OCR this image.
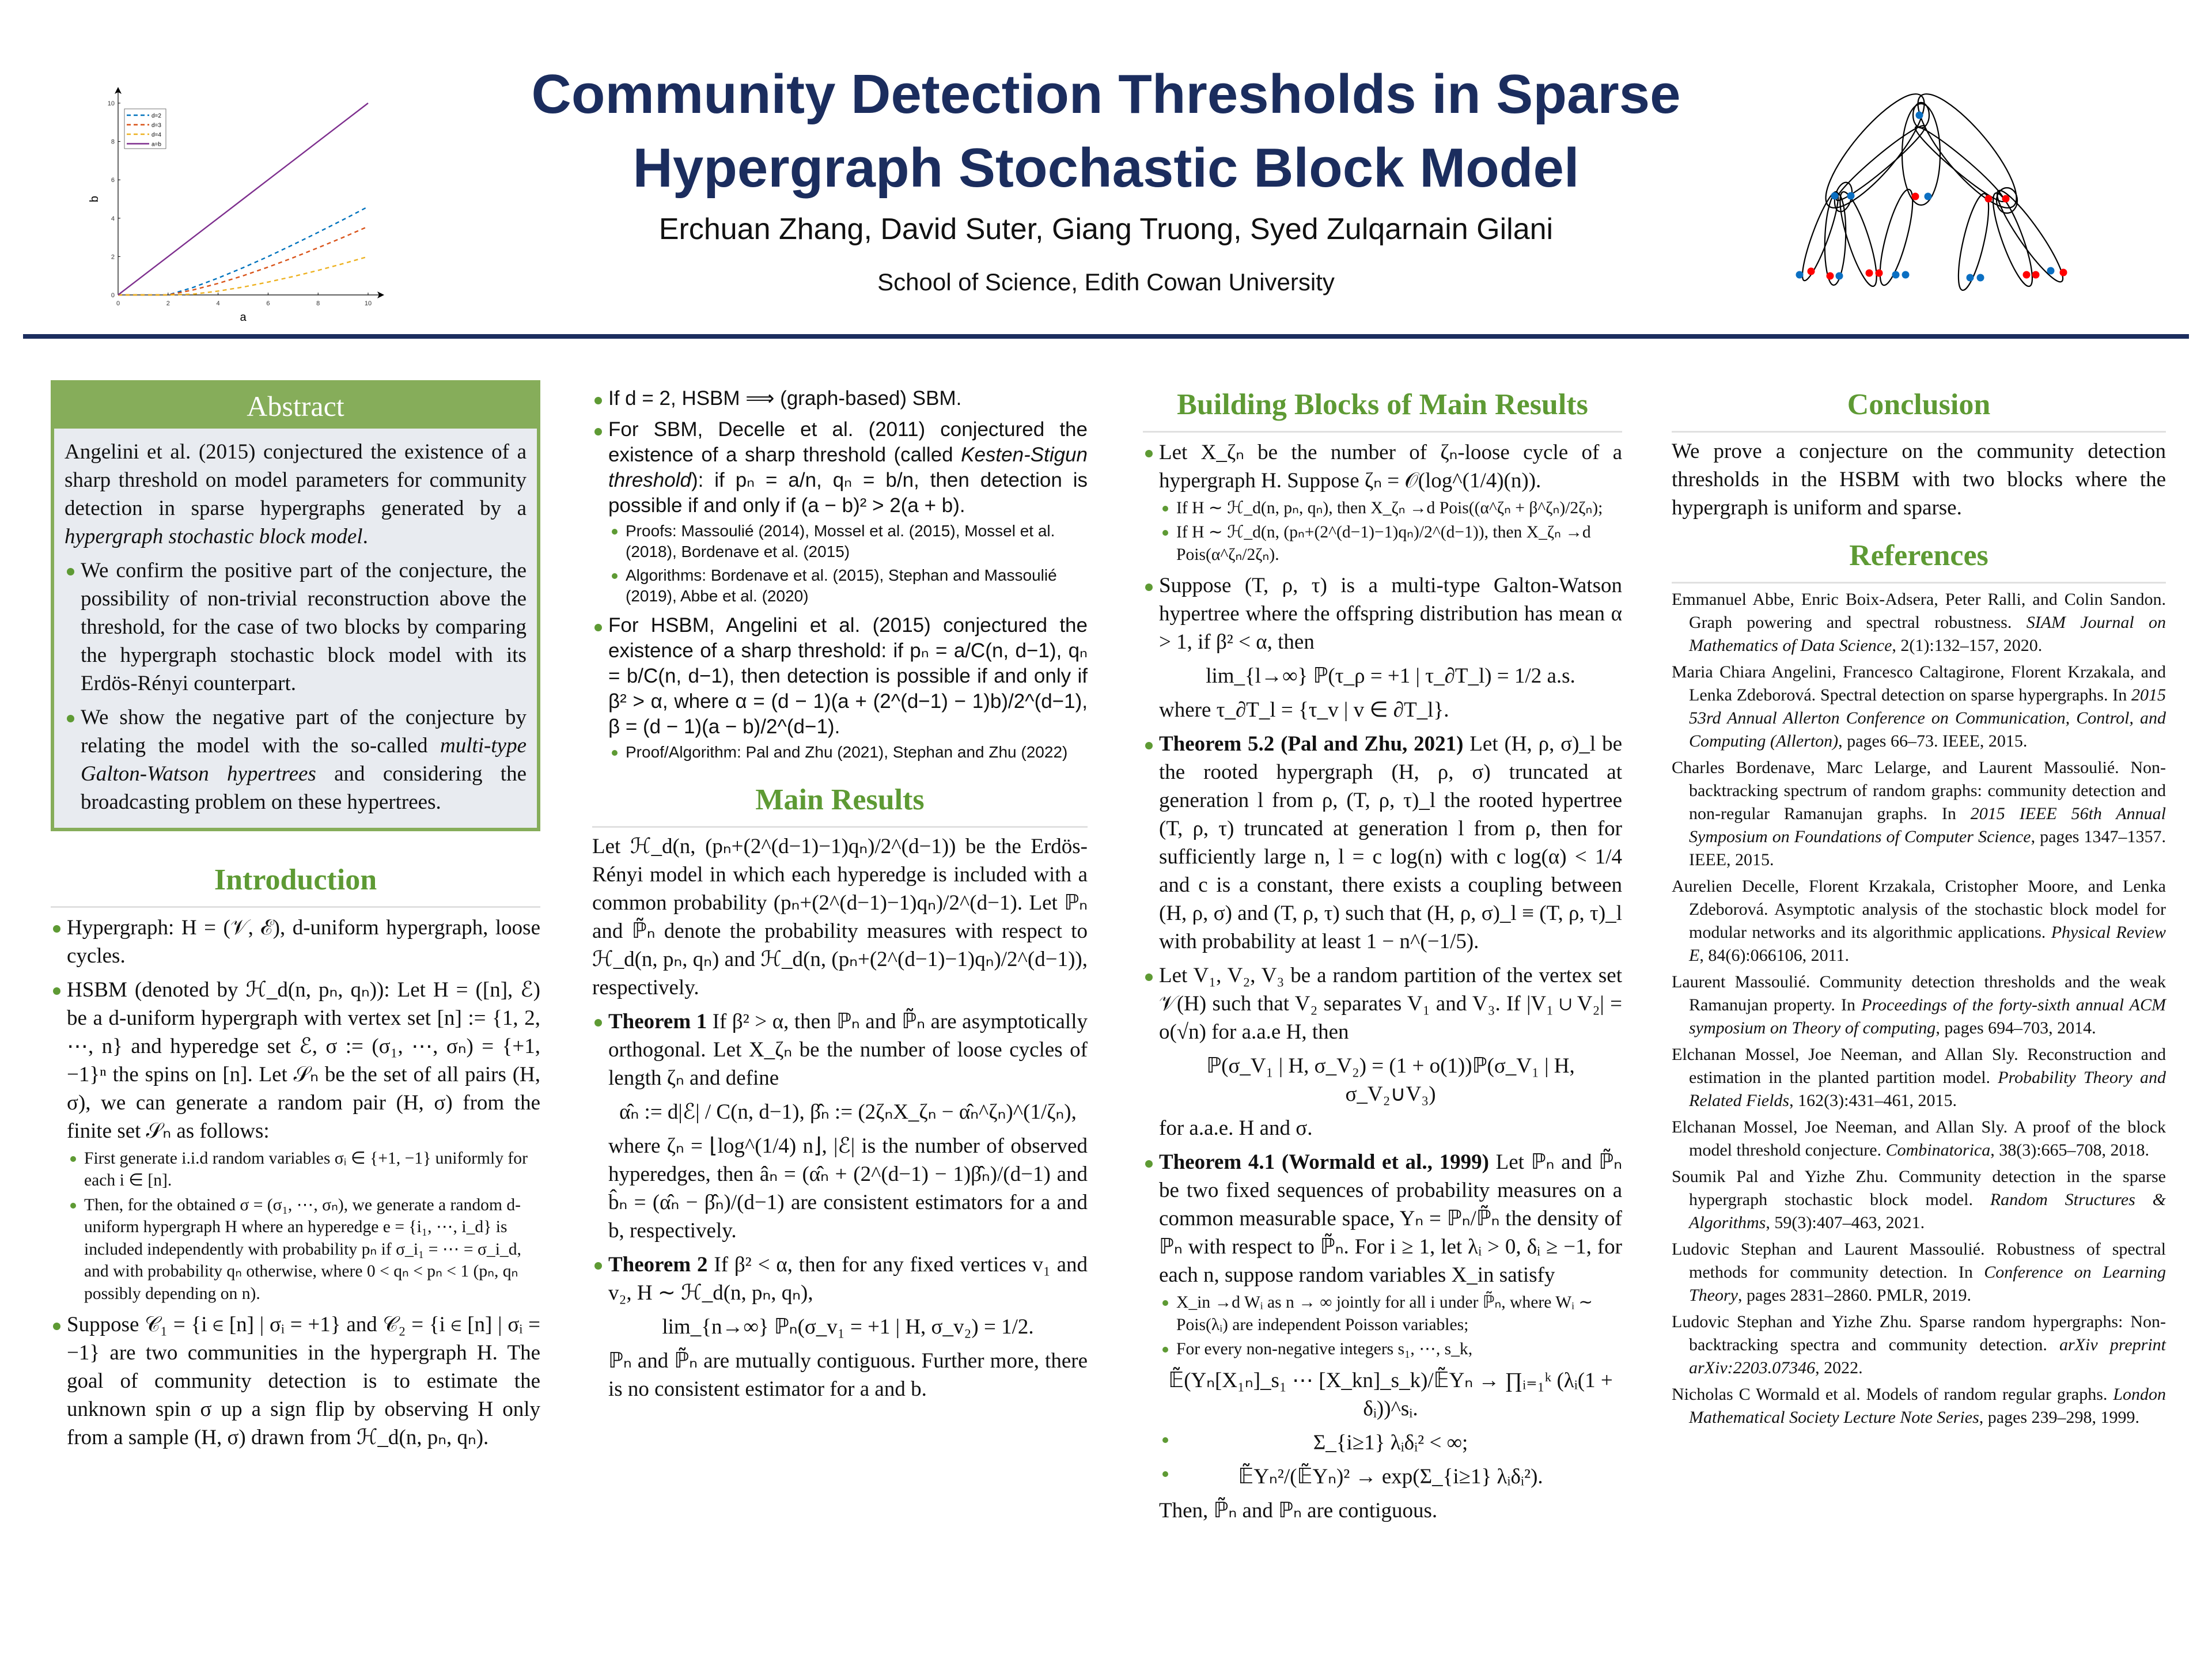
Community Detection Thresholds in Sparse
Hypergraph Stochastic Block Model
Erchuan Zhang, David Suter, Giang Truong, Syed Zulqarnain Gilani
School of Science, Edith Cowan University
0	2	4	6	8	10
0
2
4
6
8
10
a
b
d=2
d=3
d=4
a=b
Abstract
Angelini et al. (2015) conjectured the existence of a sharp threshold on model parameters for community detection in sparse hypergraphs generated by a hypergraph stochastic block model.
We confirm the positive part of the conjecture, the possibility of non-trivial reconstruction above the threshold, for the case of two blocks by comparing the hypergraph stochastic block model with its Erdös-Rényi counterpart.
We show the negative part of the conjecture by relating the model with the so-called multi-type Galton-Watson hypertrees and considering the broadcasting problem on these hypertrees.
Introduction
Hypergraph: H = (𝒱, ℰ), d-uniform hypergraph, loose cycles.
HSBM (denoted by ℋ_d(n, pₙ, qₙ)): Let H = ([n], ℰ) be a d-uniform hypergraph with vertex set [n] := {1, 2, ⋯, n} and hyperedge set ℰ, σ := (σ₁, ⋯, σₙ) = {+1, −1}ⁿ the spins on [n]. Let 𝒮ₙ be the set of all pairs (H, σ), we can generate a random pair (H, σ) from the finite set 𝒮ₙ as follows:
First generate i.i.d random variables σᵢ ∈ {+1, −1} uniformly for each i ∈ [n].
Then, for the obtained σ = (σ₁, ⋯, σₙ), we generate a random d-uniform hypergraph H where an hyperedge e = {i₁, ⋯, i_d} is included independently with probability pₙ if σ_i₁ = ⋯ = σ_i_d, and with probability qₙ otherwise, where 0 < qₙ < pₙ < 1 (pₙ, qₙ possibly depending on n).
Suppose 𝒞₁ = {i ∈ [n] | σᵢ = +1} and 𝒞₂ = {i ∈ [n] | σᵢ = −1} are two communities in the hypergraph H. The goal of community detection is to estimate the unknown spin σ up a sign flip by observing H only from a sample (H, σ) drawn from ℋ_d(n, pₙ, qₙ).
If d = 2, HSBM ⟹ (graph-based) SBM.
For SBM, Decelle et al. (2011) conjectured the existence of a sharp threshold (called Kesten-Stigun threshold): if pₙ = a/n, qₙ = b/n, then detection is possible if and only if (a − b)² > 2(a + b).
Proofs: Massoulié (2014), Mossel et al. (2015), Mossel et al. (2018), Bordenave et al. (2015)
Algorithms: Bordenave et al. (2015), Stephan and Massoulié (2019), Abbe et al. (2020)
For HSBM, Angelini et al. (2015) conjectured the existence of a sharp threshold: if pₙ = a/C(n, d−1), qₙ = b/C(n, d−1), then detection is possible if and only if β² > α, where α = (d − 1)(a + (2^(d−1) − 1)b)/2^(d−1), β = (d − 1)(a − b)/2^(d−1).
Proof/Algorithm: Pal and Zhu (2021), Stephan and Zhu (2022)
Main Results
Let ℋ_d(n, (pₙ+(2^(d−1)−1)qₙ)/2^(d−1)) be the Erdös-Rényi model in which each hyperedge is included with a common probability (pₙ+(2^(d−1)−1)qₙ)/2^(d−1). Let ℙₙ and ℙ̃ₙ denote the probability measures with respect to ℋ_d(n, pₙ, qₙ) and ℋ_d(n, (pₙ+(2^(d−1)−1)qₙ)/2^(d−1)), respectively.
Theorem 1 If β² > α, then ℙₙ and ℙ̃ₙ are asymptotically orthogonal. Let X_ζₙ be the number of loose cycles of length ζₙ and define
α̂ₙ := d|ℰ| / C(n, d−1), β̂ₙ := (2ζₙX_ζₙ − α̂ₙ^ζₙ)^(1/ζₙ),
where ζₙ = ⌊log^(1/4) n⌋, |ℰ| is the number of observed hyperedges, then âₙ = (α̂ₙ + (2^(d−1) − 1)β̂ₙ)/(d−1) and b̂ₙ = (α̂ₙ − β̂ₙ)/(d−1) are consistent estimators for a and b, respectively.
Theorem 2 If β² < α, then for any fixed vertices v₁ and v₂, H ∼ ℋ_d(n, pₙ, qₙ),
lim_{n→∞} ℙₙ(σ_v₁ = +1 | H, σ_v₂) = 1/2.
ℙₙ and ℙ̃ₙ are mutually contiguous. Further more, there is no consistent estimator for a and b.
Building Blocks of Main Results
Let X_ζₙ be the number of ζₙ-loose cycle of a hypergraph H. Suppose ζₙ = 𝒪(log^(1/4)(n)).
If H ∼ ℋ_d(n, pₙ, qₙ), then X_ζₙ →d Pois((α^ζₙ + β^ζₙ)/2ζₙ);
If H ∼ ℋ_d(n, (pₙ+(2^(d−1)−1)qₙ)/2^(d−1)), then X_ζₙ →d Pois(α^ζₙ/2ζₙ).
Suppose (T, ρ, τ) is a multi-type Galton-Watson hypertree where the offspring distribution has mean α > 1, if β² < α, then
lim_{l→∞} ℙ(τ_ρ = +1 | τ_∂T_l) = 1/2 a.s.
where τ_∂T_l = {τ_v | v ∈ ∂T_l}.
Theorem 5.2 (Pal and Zhu, 2021) Let (H, ρ, σ)_l be the rooted hypergraph (H, ρ, σ) truncated at generation l from ρ, (T, ρ, τ)_l the rooted hypertree (T, ρ, τ) truncated at generation l from ρ, then for sufficiently large n, l = c log(n) with c log(α) < 1/4 and c is a constant, there exists a coupling between (H, ρ, σ) and (T, ρ, τ) such that (H, ρ, σ)_l ≡ (T, ρ, τ)_l with probability at least 1 − n^(−1/5).
Let V₁, V₂, V₃ be a random partition of the vertex set 𝒱(H) such that V₂ separates V₁ and V₃. If |V₁ ∪ V₂| = o(√n) for a.a.e H, then
ℙ(σ_V₁ | H, σ_V₂) = (1 + o(1))ℙ(σ_V₁ | H, σ_V₂∪V₃)
for a.a.e. H and σ.
Theorem 4.1 (Wormald et al., 1999) Let ℙₙ and ℙ̃ₙ be two fixed sequences of probability measures on a common measurable space, Yₙ = ℙₙ/ℙ̃ₙ the density of ℙₙ with respect to ℙ̃ₙ. For i ≥ 1, let λᵢ > 0, δᵢ ≥ −1, for each n, suppose random variables X_in satisfy
X_in →d Wᵢ as n → ∞ jointly for all i under ℙ̃ₙ, where Wᵢ ∼ Pois(λᵢ) are independent Poisson variables;
For every non-negative integers s₁, ⋯, s_k,
𝔼̃(Yₙ[X₁ₙ]_s₁ ⋯ [X_kn]_s_k)/𝔼̃Yₙ → ∏ᵢ₌₁ᵏ (λᵢ(1 + δᵢ))^sᵢ.
Σ_{i≥1} λᵢδᵢ² < ∞;
𝔼̃Yₙ²/(𝔼̃Yₙ)² → exp(Σ_{i≥1} λᵢδᵢ²).
Then, ℙ̃ₙ and ℙₙ are contiguous.
Conclusion
We prove a conjecture on the community detection thresholds in the HSBM with two blocks where the hypergraph is uniform and sparse.
References
Emmanuel Abbe, Enric Boix-Adsera, Peter Ralli, and Colin Sandon. Graph powering and spectral robustness. SIAM Journal on Mathematics of Data Science, 2(1):132–157, 2020.
Maria Chiara Angelini, Francesco Caltagirone, Florent Krzakala, and Lenka Zdeborová. Spectral detection on sparse hypergraphs. In 2015 53rd Annual Allerton Conference on Communication, Control, and Computing (Allerton), pages 66–73. IEEE, 2015.
Charles Bordenave, Marc Lelarge, and Laurent Massoulié. Non-backtracking spectrum of random graphs: community detection and non-regular Ramanujan graphs. In 2015 IEEE 56th Annual Symposium on Foundations of Computer Science, pages 1347–1357. IEEE, 2015.
Aurelien Decelle, Florent Krzakala, Cristopher Moore, and Lenka Zdeborová. Asymptotic analysis of the stochastic block model for modular networks and its algorithmic applications. Physical Review E, 84(6):066106, 2011.
Laurent Massoulié. Community detection thresholds and the weak Ramanujan property. In Proceedings of the forty-sixth annual ACM symposium on Theory of computing, pages 694–703, 2014.
Elchanan Mossel, Joe Neeman, and Allan Sly. Reconstruction and estimation in the planted partition model. Probability Theory and Related Fields, 162(3):431–461, 2015.
Elchanan Mossel, Joe Neeman, and Allan Sly. A proof of the block model threshold conjecture. Combinatorica, 38(3):665–708, 2018.
Soumik Pal and Yizhe Zhu. Community detection in the sparse hypergraph stochastic block model. Random Structures & Algorithms, 59(3):407–463, 2021.
Ludovic Stephan and Laurent Massoulié. Robustness of spectral methods for community detection. In Conference on Learning Theory, pages 2831–2860. PMLR, 2019.
Ludovic Stephan and Yizhe Zhu. Sparse random hypergraphs: Non-backtracking spectra and community detection. arXiv preprint arXiv:2203.07346, 2022.
Nicholas C Wormald et al. Models of random regular graphs. London Mathematical Society Lecture Note Series, pages 239–298, 1999.
